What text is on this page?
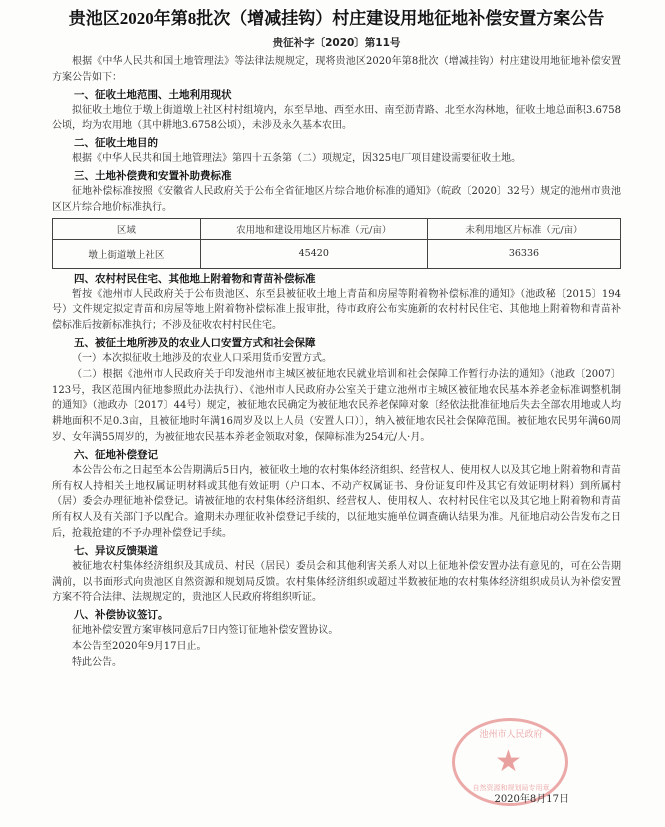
贵池区2020年第8批次（增减挂钩）村庄建设用地征地补偿安置方案公告
贵征补字〔2020〕第11号

根据《中华人民共和国土地管理法》等法律法规规定，现将贵池区2020年第8批次（增减挂钩）村庄建设用地征地补偿安置方案公告如下：

一、征收土地范围、土地利用现状

拟征收土地位于墩上街道墩上社区村村组境内，东至旱地、西至水田、南至沥青路、北至水沟林地，征收土地总面积3.6758公顷，均为农用地（其中耕地3.6758公顷），未涉及永久基本农田。

二、征收土地目的

根据《中华人民共和国土地管理法》第四十五条第（二）项规定，因325电厂项目建设需要征收土地。

三、土地补偿费和安置补助费标准

征地补偿标准按照《安徽省人民政府关于公布全省征地区片综合地价标准的通知》（皖政〔2020〕32号）规定的池州市贵池区区片综合地价标准执行。

区域	农用地和建设用地区片标准（元/亩）	未利用地区片标准（元/亩）
墩上街道墩上社区	45420	36336
四、农村村民住宅、其他地上附着物和青苗补偿标准

暂按《池州市人民政府关于公布贵池区、东至县被征收土地上青苗和房屋等附着物补偿标准的通知》（池政秘〔2015〕194号）文件规定拟定青苗和房屋等地上附着物补偿标准上报审批，待市政府公布实施新的农村村民住宅、其他地上附着物和青苗补偿标准后按新标准执行；不涉及征收农村村民住宅。

五、被征土地所涉及的农业人口安置方式和社会保障

（一）本次拟征收土地涉及的农业人口采用货币安置方式。

（二）根据《池州市人民政府关于印发池州市主城区被征地农民就业培训和社会保障工作暂行办法的通知》（池政〔2007〕123号，我区范围内征地参照此办法执行）、《池州市人民政府办公室关于建立池州市主城区被征地农民基本养老金标准调整机制的通知》（池政办〔2017〕44号）规定，被征地农民确定为被征地农民养老保障对象〔经依法批准征地后失去全部农用地或人均耕地面积不足0.3亩，且被征地时年满16周岁及以上人员（安置人口）〕，纳入被征地农民社会保障范围。被征地农民男年满60周岁、女年满55周岁的，为被征地农民基本养老金领取对象，保障标准为254元/人·月。

六、征地补偿登记

本公告公布之日起至本公告期满后5日内，被征收土地的农村集体经济组织、经营权人、使用权人以及其它地上附着物和青苗所有权人持相关土地权属证明材料或其他有效证明（户口本、不动产权属证书、身份证复印件及其它有效证明材料）到所属村（居）委会办理征地补偿登记。请被征地的农村集体经济组织、经营权人、使用权人、农村村民住宅以及其它地上附着物和青苗所有权人及有关部门予以配合。逾期未办理征收补偿登记手续的，以征地实施单位调查确认结果为准。凡征地启动公告发布之日后，抢栽抢建的不予办理补偿登记手续。

七、异议反馈渠道

被征地农村集体经济组织及其成员、村民（居民）委员会和其他利害关系人对以上征地补偿安置办法有意见的，可在公告期满前，以书面形式向贵池区自然资源和规划局反馈。农村集体经济组织或超过半数被征地的农村集体经济组织成员认为补偿安置方案不符合法律、法规规定的，贵池区人民政府将组织听证。

八、补偿协议签订。

征地补偿安置方案审核同意后7日内签订征地补偿安置协议。

本公告至2020年9月17日止。

特此公告。

池州市人民政府
★
自然资源和规划局专用章
2020年8月17日
